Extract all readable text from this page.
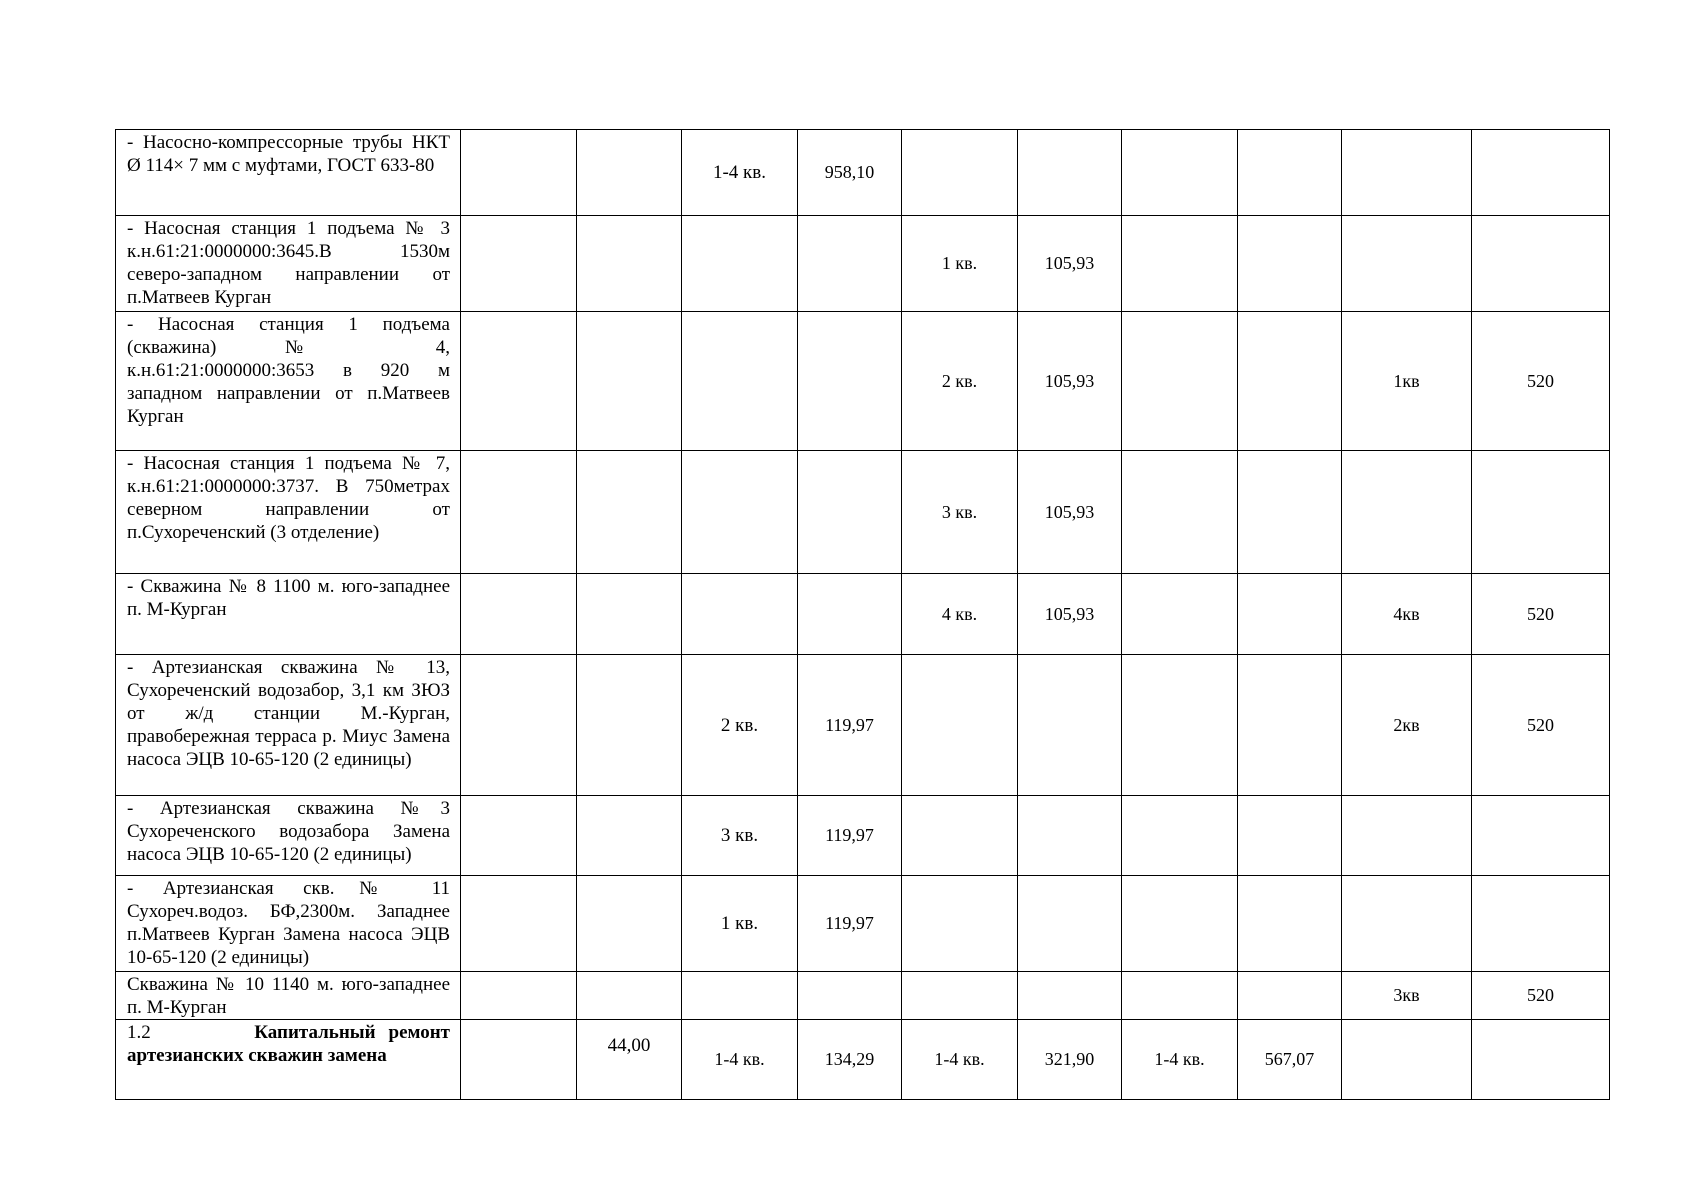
- Насосно-компрессорные трубы НКТ Ø 114× 7 мм с муфтами, ГОСТ 633-80			1-4 кв.	958,10						

- Насосная станция 1 подъема № 3 к.н.61:21:0000000:3645.В 1530м северо-западном направлении от п.Матвеев Курган					1 кв.	105,93				

- Насосная станция 1 подъема (скважина) № 4, к.н.61:21:0000000:3653 в 920 м западном направлении от п.Матвеев Курган					2 кв.	105,93			1кв	520

- Насосная станция 1 подъема № 7, к.н.61:21:0000000:3737. В 750метрах северном направлении от п.Сухореченский (3 отделение)					3 кв.	105,93				

- Скважина № 8 1100 м. юго-западнее п. М-Курган					4 кв.	105,93			4кв	520

- Артезианская скважина № 13, Сухореченский водозабор, 3,1 км ЗЮЗ от ж/д станции М.-Курган, правобережная терраса р. Миус Замена насоса ЭЦВ 10-65-120 (2 единицы)			2 кв.	119,97					2кв	520

- Артезианская скважина №3 Сухореченского водозабора Замена насоса ЭЦВ 10-65-120 (2 единицы)			3 кв.	119,97						

- Артезианская скв.№ 11 Сухореч.водоз. БФ,2300м. Западнее п.Матвеев Курган Замена насоса ЭЦВ 10-65-120 (2 единицы)			1 кв.	119,97						

Скважина № 10 1140 м. юго-западнее п. М-Курган									3кв	520

1.2 Капитальный ремонт артезианских скважин замена		44,00	1-4 кв.	134,29	1-4 кв.	321,90	1-4 кв.	567,07		
